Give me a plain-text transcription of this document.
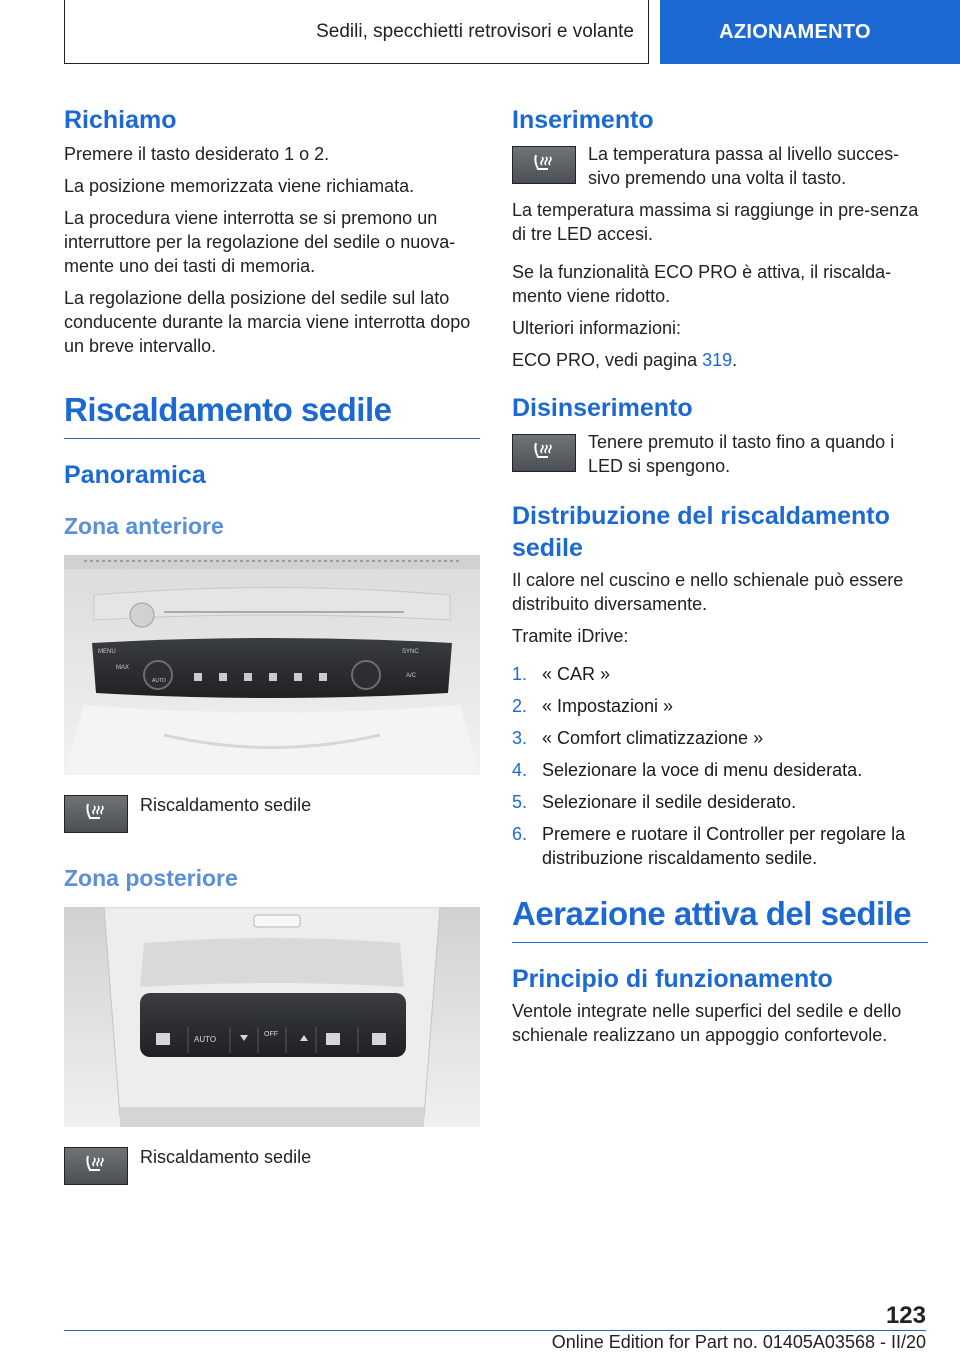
Sedili, specchietti retrovisori e volante	AZIONAMENTO
Richiamo
Premere il tasto desiderato 1 o 2.
La posizione memorizzata viene richiamata.
La procedura viene interrotta se si premono un interruttore per la regolazione del sedile o nuova-mente uno dei tasti di memoria.
La regolazione della posizione del sedile sul lato conducente durante la marcia viene interrotta dopo un breve intervallo.
Riscaldamento sedile
Panoramica
Zona anteriore
MENU
MAX
SYNC
A/C
AUTO
Riscaldamento sedile
Zona posteriore
AUTO
OFF
Riscaldamento sedile
Inserimento
La temperatura passa al livello succes-sivo premendo una volta il tasto.
La temperatura massima si raggiunge in pre-senza di tre LED accesi.
Se la funzionalità ECO PRO è attiva, il riscalda-mento viene ridotto.
Ulteriori informazioni:
ECO PRO, vedi pagina 319.
Disinserimento
Tenere premuto il tasto fino a quando i LED si spengono.
Distribuzione del riscaldamento sedile
Il calore nel cuscino e nello schienale può essere distribuito diversamente.
Tramite iDrive:
1. « CAR »
2. « Impostazioni »
3. « Comfort climatizzazione »
4. Selezionare la voce di menu desiderata.
5. Selezionare il sedile desiderato.
6. Premere e ruotare il Controller per regolare la distribuzione riscaldamento sedile.
Aerazione attiva del sedile
Principio di funzionamento
Ventole integrate nelle superfici del sedile e dello schienale realizzano un appoggio confortevole.
123
Online Edition for Part no. 01405A03568 - II/20
